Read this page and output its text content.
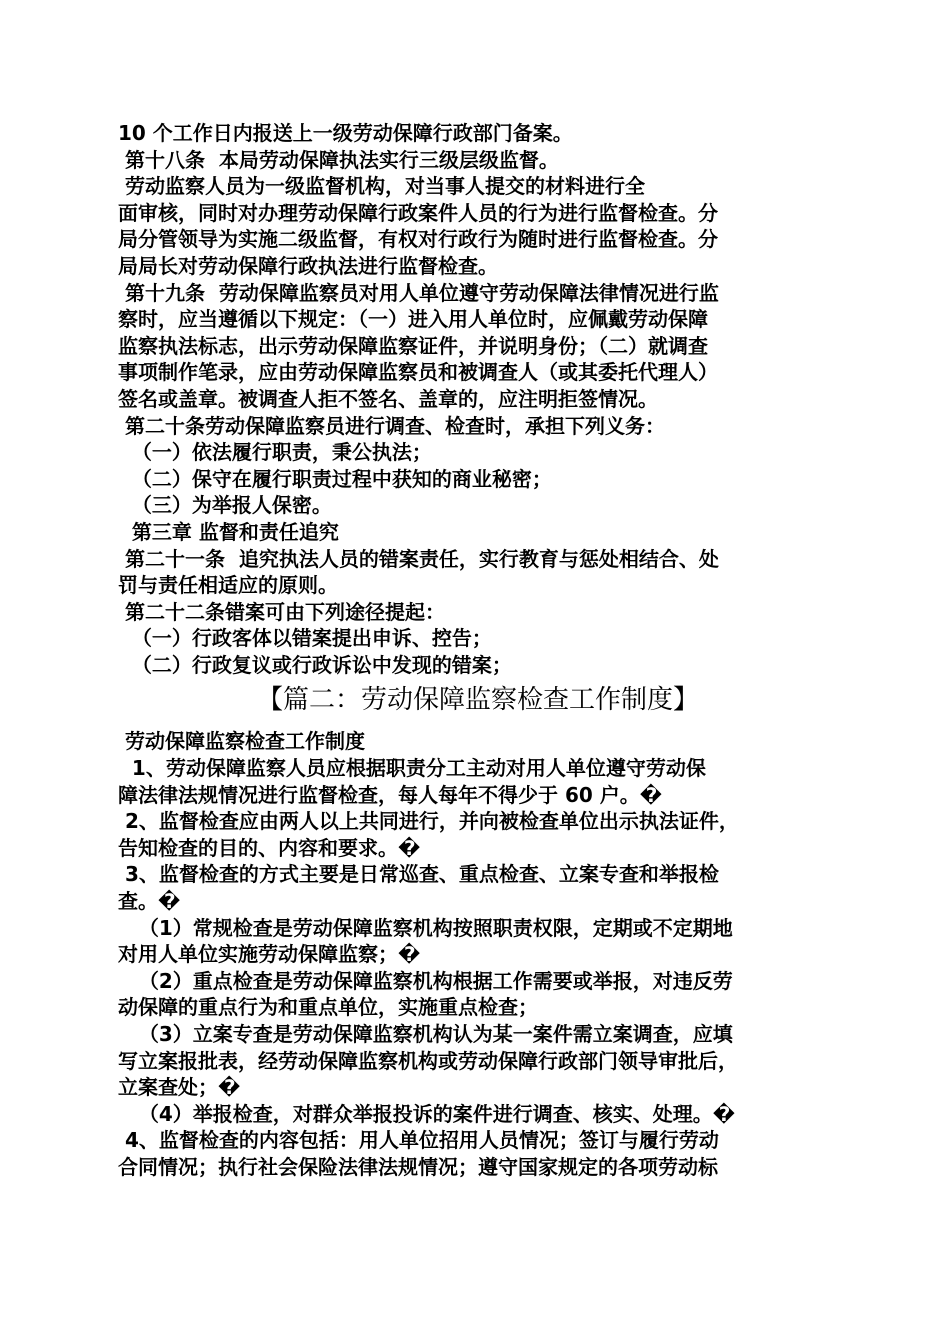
10 个工作日内报送上一级劳动保障行政部门备案。

第十八条  本局劳动保障执法实行三级层级监督。

劳动监察人员为一级监督机构，对当事人提交的材料进行全

面审核，同时对办理劳动保障行政案件人员的行为进行监督检查。分

局分管领导为实施二级监督，有权对行政行为随时进行监督检查。分

局局长对劳动保障行政执法进行监督检查。

第十九条  劳动保障监察员对用人单位遵守劳动保障法律情况进行监

察时，应当遵循以下规定：（一）进入用人单位时，应佩戴劳动保障

监察执法标志，出示劳动保障监察证件，并说明身份；（二）就调查

事项制作笔录，应由劳动保障监察员和被调查人（或其委托代理人）

签名或盖章。被调查人拒不签名、盖章的，应注明拒签情况。

第二十条劳动保障监察员进行调查、检查时，承担下列义务：

（一）依法履行职责，秉公执法；

（二）保守在履行职责过程中获知的商业秘密；

（三）为举报人保密。

第三章 监督和责任追究

第二十一条  追究执法人员的错案责任，实行教育与惩处相结合、处

罚与责任相适应的原则。

第二十二条错案可由下列途径提起：

（一）行政客体以错案提出申诉、控告；

（二）行政复议或行政诉讼中发现的错案；

【篇二：劳动保障监察检查工作制度】

劳动保障监察检查工作制度

1、劳动保障监察人员应根据职责分工主动对用人单位遵守劳动保

障法律法规情况进行监督检查，每人每年不得少于 60 户。�

2、监督检查应由两人以上共同进行，并向被检查单位出示执法证件，

告知检查的目的、内容和要求。�

3、监督检查的方式主要是日常巡查、重点检查、立案专查和举报检

查。�

（1）常规检查是劳动保障监察机构按照职责权限，定期或不定期地

对用人单位实施劳动保障监察；�

（2）重点检查是劳动保障监察机构根据工作需要或举报，对违反劳

动保障的重点行为和重点单位，实施重点检查；

（3）立案专查是劳动保障监察机构认为某一案件需立案调查，应填

写立案报批表，经劳动保障监察机构或劳动保障行政部门领导审批后，

立案查处；�

（4）举报检查，对群众举报投诉的案件进行调查、核实、处理。�

4、监督检查的内容包括：用人单位招用人员情况；签订与履行劳动

合同情况；执行社会保险法律法规情况；遵守国家规定的各项劳动标
